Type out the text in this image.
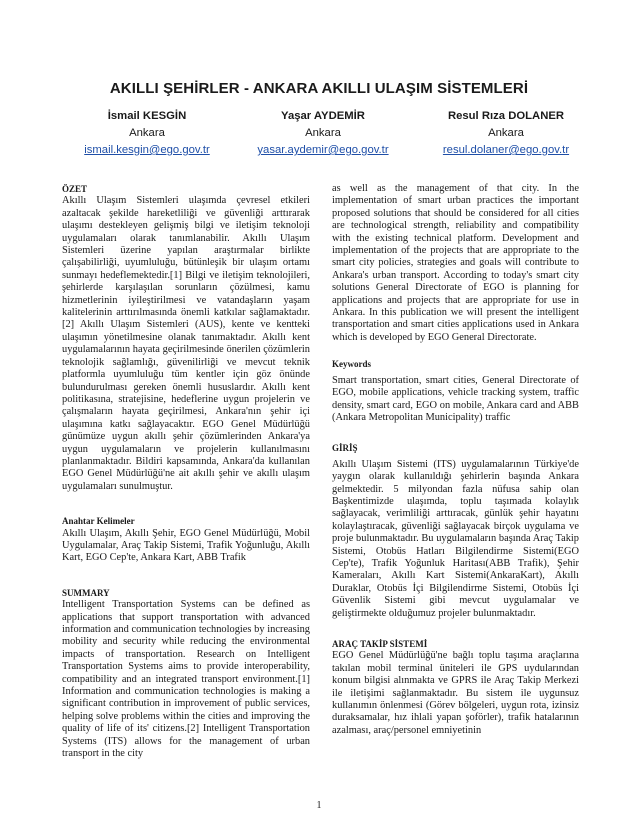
AKILLI ŞEHİRLER - ANKARA AKILLI ULAŞIM SİSTEMLERİ
İsmail KESGİN
Ankara
ismail.kesgin@ego.gov.tr
Yaşar AYDEMİR
Ankara
yasar.aydemir@ego.gov.tr
Resul Rıza DOLANER
Ankara
resul.dolaner@ego.gov.tr

ÖZET

Akıllı Ulaşım Sistemleri ulaşımda çevresel etkileri azaltacak şekilde hareketliliği ve güvenliği arttırarak ulaşımı destekleyen gelişmiş bilgi ve iletişim teknoloji uygulamaları olarak tanımlanabilir. Akıllı Ulaşım Sistemleri üzerine yapılan araştırmalar birlikte çalışabilirliği, uyumluluğu, bütünleşik bir ulaşım ortamı sunmayı hedeflemektedir.[1] Bilgi ve iletişim teknolojileri, şehirlerde karşılaşılan sorunların çözülmesi, kamu hizmetlerinin iyileştirilmesi ve vatandaşların yaşam kalitelerinin arttırılmasında önemli katkılar sağlamaktadır.[2] Akıllı Ulaşım Sistemleri (AUS), kente ve kentteki ulaşımın yönetilmesine olanak tanımaktadır. Akıllı kent uygulamalarının hayata geçirilmesinde önerilen çözümlerin teknolojik sağlamlığı, güvenilirliği ve mevcut teknik platformla uyumluluğu tüm kentler için göz önünde bulundurulması gereken önemli hususlardır. Akıllı kent politikasına, stratejisine, hedeflerine uygun projelerin ve çalışmaların hayata geçirilmesi, Ankara'nın şehir içi ulaşımına katkı sağlayacaktır. EGO Genel Müdürlüğü günümüze uygun akıllı şehir çözümlerinden Ankara'ya uygun uygulamaların ve projelerin kullanılmasını planlanmaktadır. Bildiri kapsamında, Ankara'da kullanılan EGO Genel Müdürlüğü'ne ait akıllı şehir ve akıllı ulaşım uygulamaları sunulmuştur.

Anahtar Kelimeler

Akıllı Ulaşım, Akıllı Şehir, EGO Genel Müdürlüğü, Mobil Uygulamalar, Araç Takip Sistemi, Trafik Yoğunluğu, Akıllı Kart, EGO Cep'te, Ankara Kart, ABB Trafik

SUMMARY

Intelligent Transportation Systems can be defined as applications that support transportation with advanced information and communication technologies by increasing mobility and security while reducing the environmental impacts of transportation. Research on Intelligent Transportation Systems aims to provide interoperability, compatibility and an integrated transport environment.[1] Information and communication technologies is making a significant contribution in improvement of public services, helping solve problems within the cities and improving the quality of life of its' citizens.[2] Intelligent Transportation Systems (ITS) allows for the management of urban transport in the city

as well as the management of that city. In the implementation of smart urban practices the important proposed solutions that should be considered for all cities are technological strength, reliability and compatibility with the existing technical platform. Development and implementation of the projects that are appropriate to the smart city policies, strategies and goals will contribute to Ankara's urban transport. According to today's smart city solutions General Directorate of EGO is planning for applications and projects that are appropriate for use in Ankara. In this publication we will present the intelligent transportation and smart cities applications used in Ankara which is developed by EGO General Directorate.

Keywords

Smart transportation, smart cities, General Directorate of EGO, mobile applications, vehicle tracking system, traffic density, smart card, EGO on mobile, Ankara card and ABB (Ankara Metropolitan Municipality) traffic

GİRİŞ

Akıllı Ulaşım Sistemi (ITS) uygulamalarının Türkiye'de yaygın olarak kullanıldığı şehirlerin başında Ankara gelmektedir. 5 milyondan fazla nüfusa sahip olan Başkentimizde ulaşımda, toplu taşımada kolaylık sağlayacak, verimliliği arttıracak, günlük şehir hayatını kolaylaştıracak, güvenliği sağlayacak birçok uygulama ve proje bulunmaktadır. Bu uygulamaların başında Araç Takip Sistemi, Otobüs Hatları Bilgilendirme Sistemi(EGO Cep'te), Trafik Yoğunluk Haritası(ABB Trafik), Şehir Kameraları, Akıllı Kart Sistemi(AnkaraKart), Akıllı Duraklar, Otobüs İçi Bilgilendirme Sistemi, Otobüs İçi Güvenlik Sistemi gibi mevcut uygulamalar ve geliştirmekte olduğumuz projeler bulunmaktadır.

ARAÇ TAKİP SİSTEMİ

EGO Genel Müdürlüğü'ne bağlı toplu taşıma araçlarına takılan mobil terminal üniteleri ile GPS uydularından konum bilgisi alınmakta ve GPRS ile Araç Takip Merkezi ile iletişimi sağlanmaktadır. Bu sistem ile uygunsuz kullanımın önlenmesi (Görev bölgeleri, uygun rota, izinsiz duraksamalar, hız ihlali yapan şoförler), trafik hatalarının azalması, araç/personel emniyetinin

1
